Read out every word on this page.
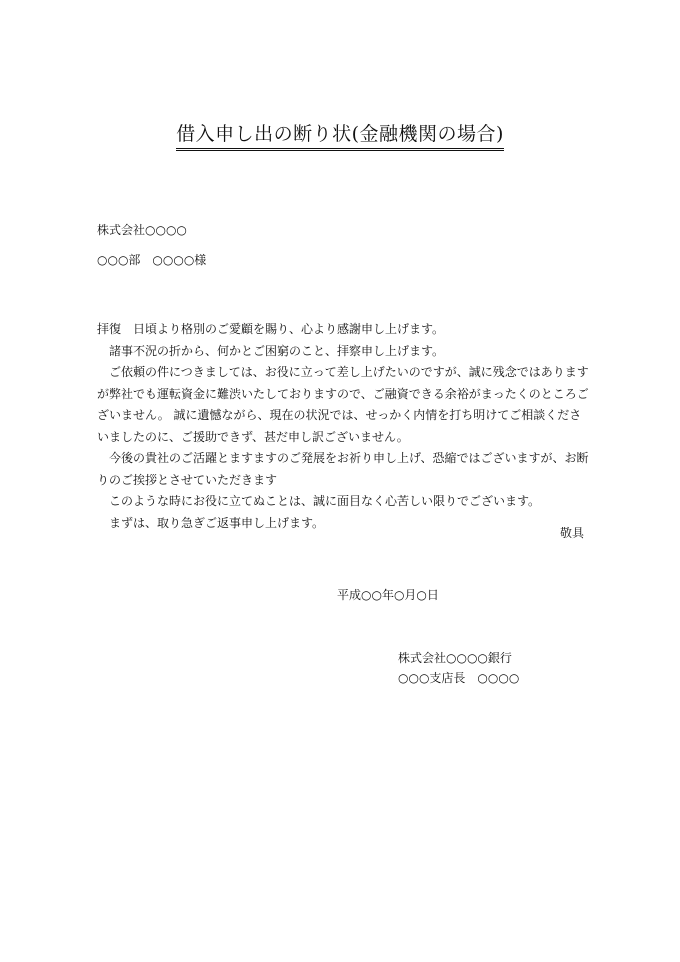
借入申し出の断り状(金融機関の場合)
株式会社○○○○
○○○部　○○○○様

拝復　日頃より格別のご愛顧を賜り、心より感謝申し上げます。

　諸事不況の折から、何かとご困窮のこと、拝察申し上げます。

　ご依頼の件につきましては、お役に立って差し上げたいのですが、誠に残念ではありますが弊社でも運転資金に難渋いたしておりますので、ご融資できる余裕がまったくのところございません。 誠に遺憾ながら、現在の状況では、せっかく内情を打ち明けてご相談くださいましたのに、ご援助できず、甚だ申し訳ございません。

　今後の貴社のご活躍とますますのご発展をお祈り申し上げ、恐縮ではございますが、お断りのご挨拶とさせていただきます

　このような時にお役に立てぬことは、誠に面目なく心苦しい限りでございます。

　まずは、取り急ぎご返事申し上げます。

敬具
平成○○年○月○日
株式会社○○○○銀行
○○○支店長　○○○○
